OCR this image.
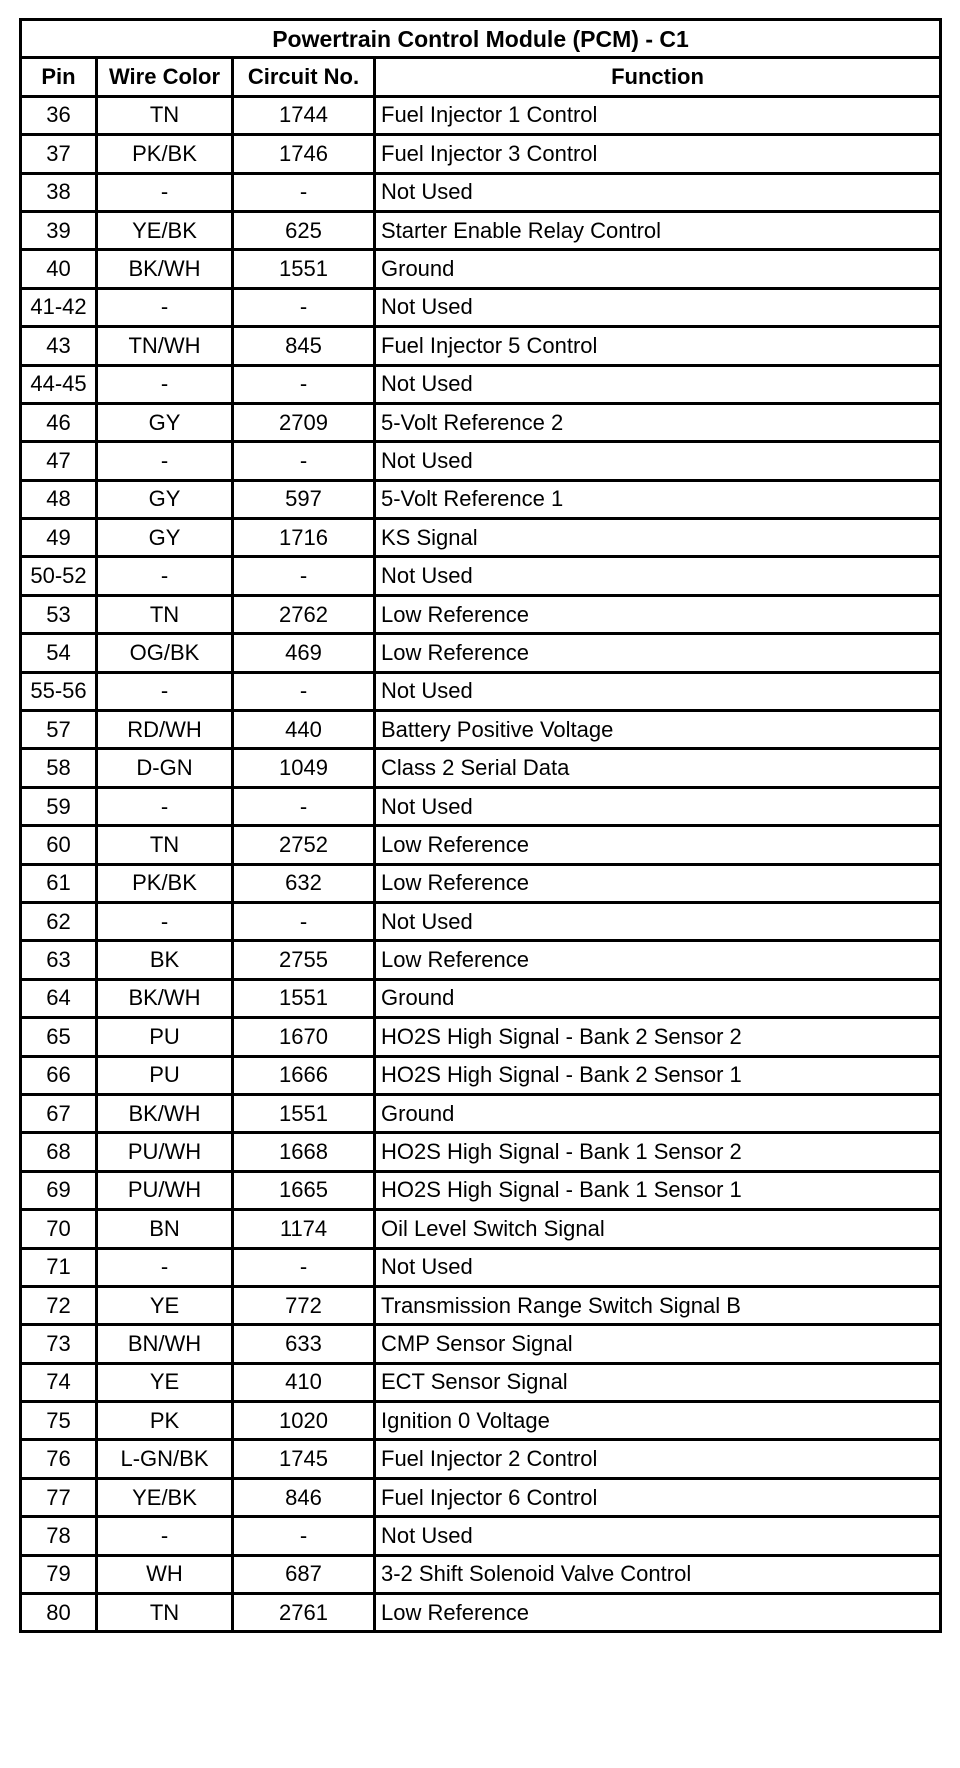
Powertrain Control Module (PCM) - C1			
Pin	Wire Color	Circuit No.	Function
36	TN	1744	Fuel Injector 1 Control
37	PK/BK	1746	Fuel Injector 3 Control
38	-	-	Not Used
39	YE/BK	625	Starter Enable Relay Control
40	BK/WH	1551	Ground
41-42	-	-	Not Used
43	TN/WH	845	Fuel Injector 5 Control
44-45	-	-	Not Used
46	GY	2709	5-Volt Reference 2
47	-	-	Not Used
48	GY	597	5-Volt Reference 1
49	GY	1716	KS Signal
50-52	-	-	Not Used
53	TN	2762	Low Reference
54	OG/BK	469	Low Reference
55-56	-	-	Not Used
57	RD/WH	440	Battery Positive Voltage
58	D-GN	1049	Class 2 Serial Data
59	-	-	Not Used
60	TN	2752	Low Reference
61	PK/BK	632	Low Reference
62	-	-	Not Used
63	BK	2755	Low Reference
64	BK/WH	1551	Ground
65	PU	1670	HO2S High Signal - Bank 2 Sensor 2
66	PU	1666	HO2S High Signal - Bank 2 Sensor 1
67	BK/WH	1551	Ground
68	PU/WH	1668	HO2S High Signal - Bank 1 Sensor 2
69	PU/WH	1665	HO2S High Signal - Bank 1 Sensor 1
70	BN	1174	Oil Level Switch Signal
71	-	-	Not Used
72	YE	772	Transmission Range Switch Signal B
73	BN/WH	633	CMP Sensor Signal
74	YE	410	ECT Sensor Signal
75	PK	1020	Ignition 0 Voltage
76	L-GN/BK	1745	Fuel Injector 2 Control
77	YE/BK	846	Fuel Injector 6 Control
78	-	-	Not Used
79	WH	687	3-2 Shift Solenoid Valve Control
80	TN	2761	Low Reference
